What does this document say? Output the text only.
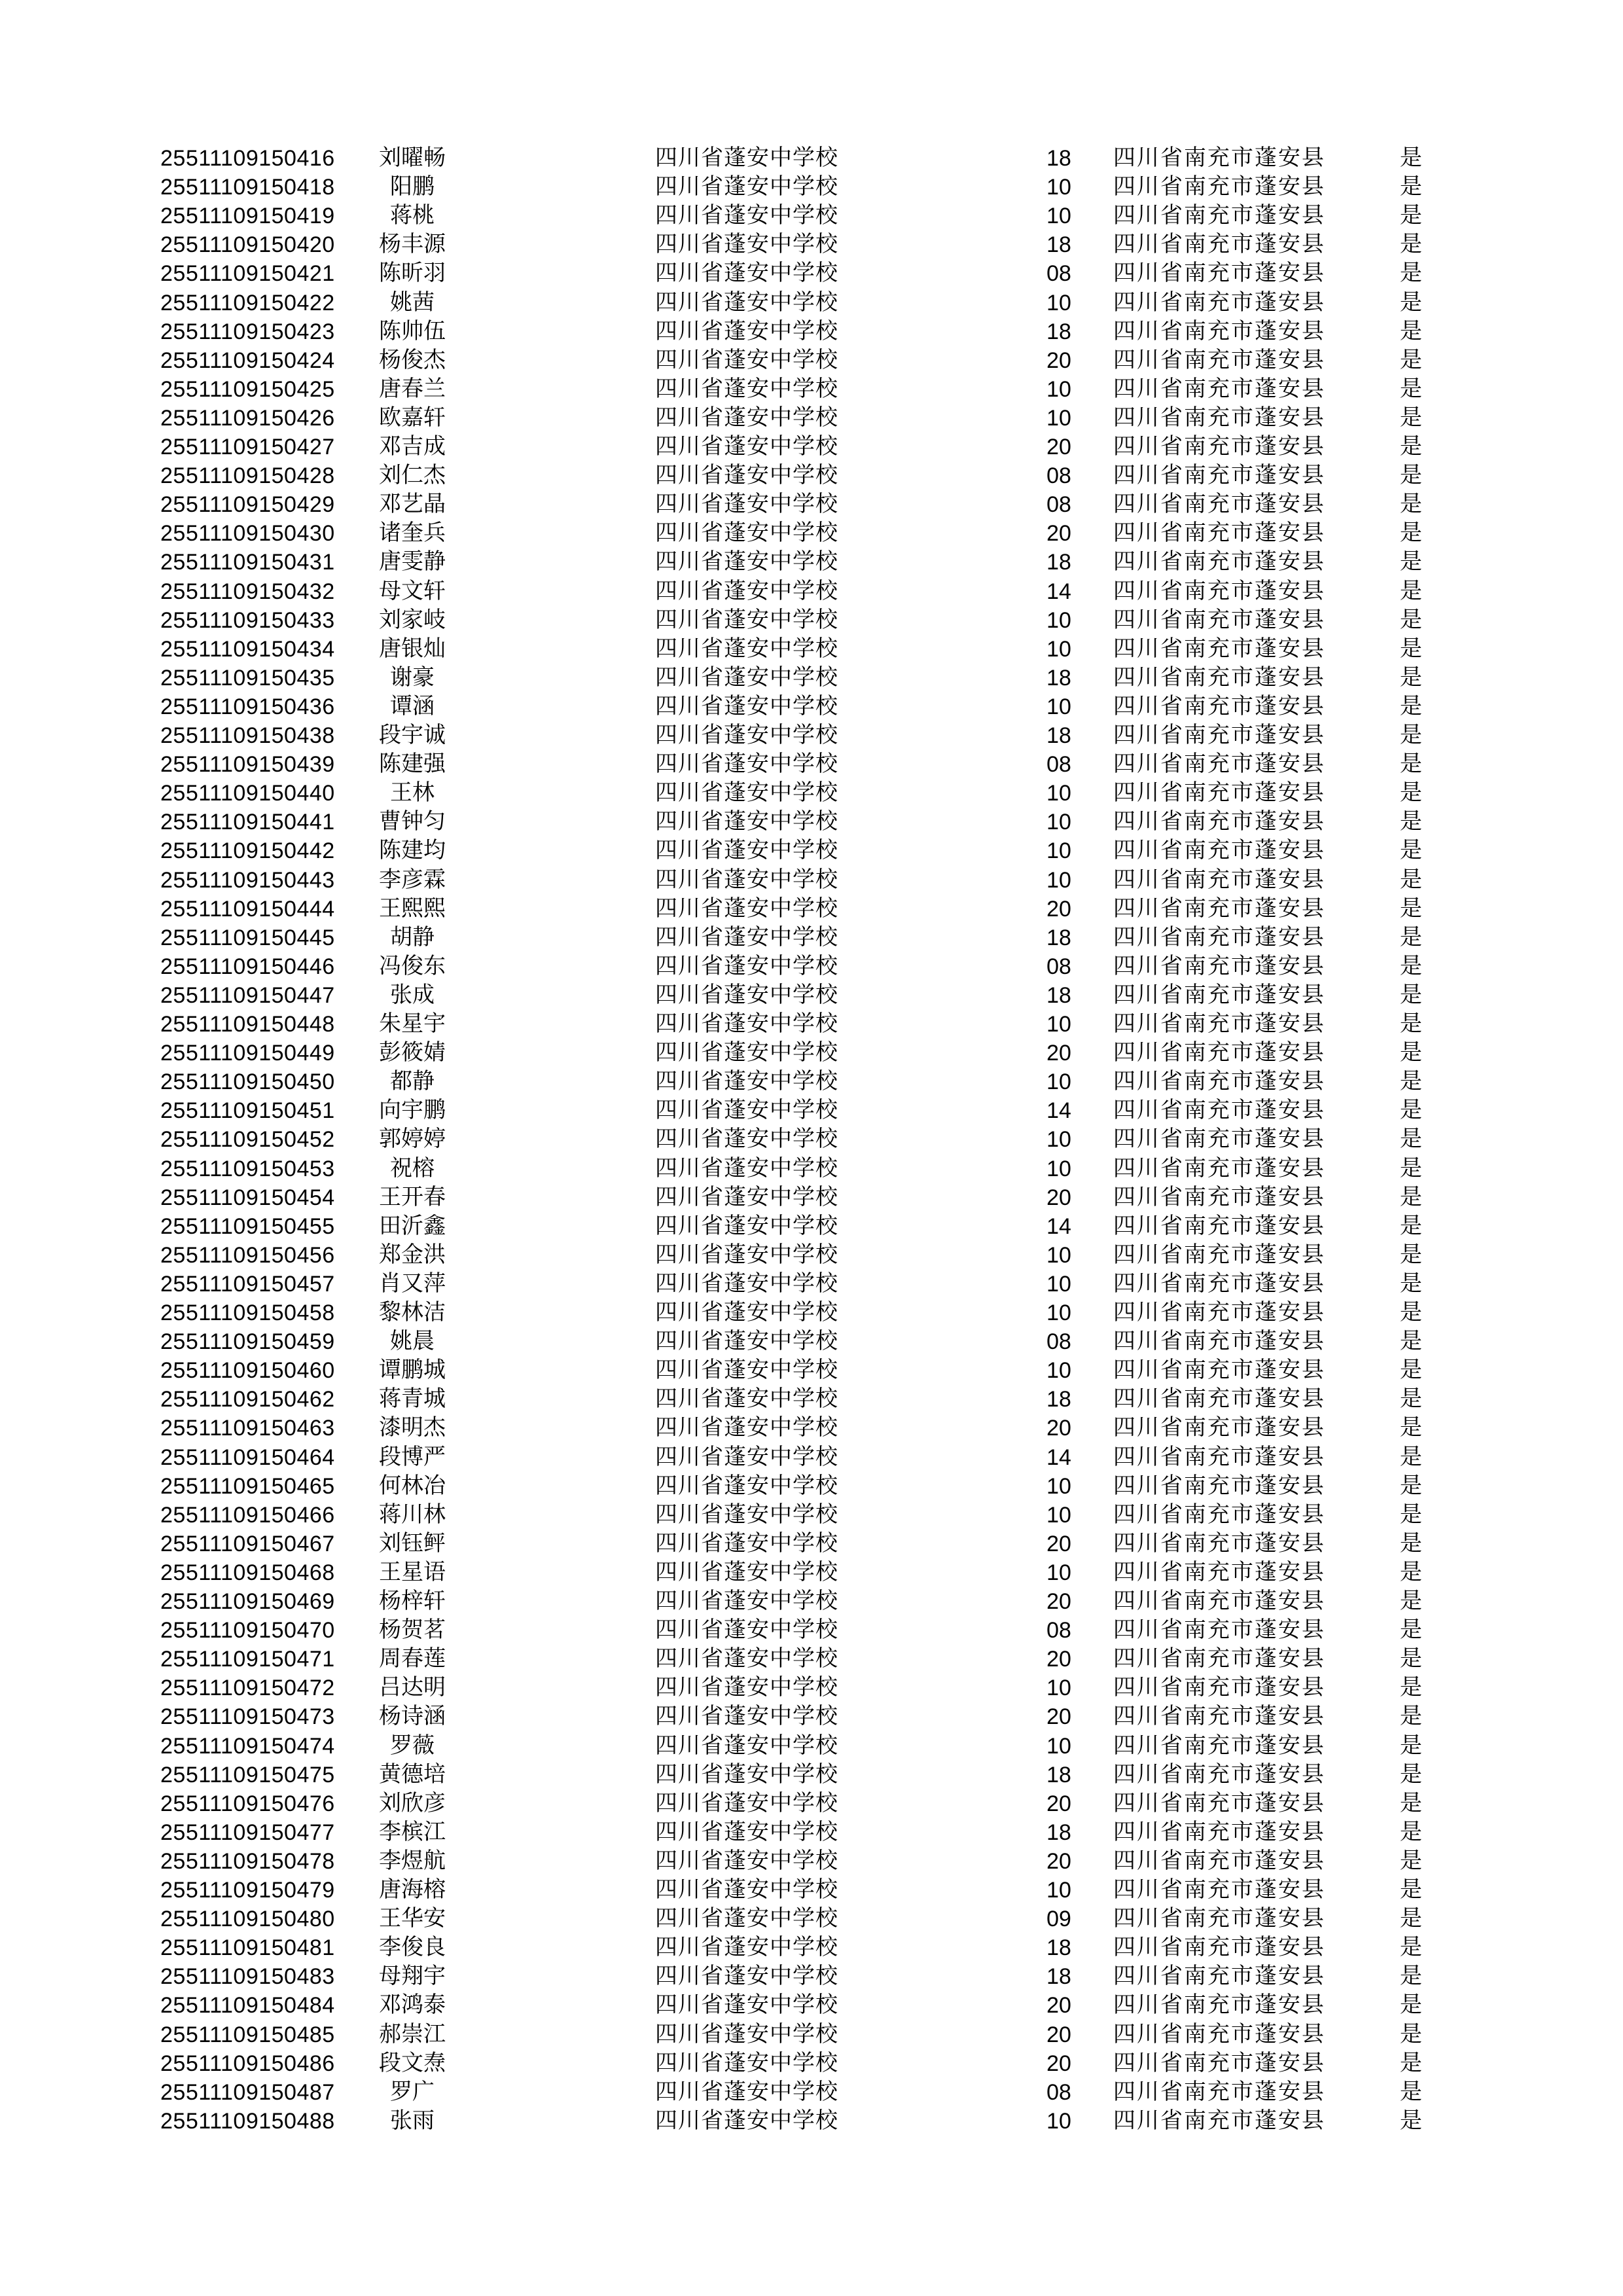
25511109150416	刘曜畅	四川省蓬安中学校	18	四川省南充市蓬安县	是
25511109150418	阳鹏	四川省蓬安中学校	10	四川省南充市蓬安县	是
25511109150419	蒋桃	四川省蓬安中学校	10	四川省南充市蓬安县	是
25511109150420	杨丰源	四川省蓬安中学校	18	四川省南充市蓬安县	是
25511109150421	陈昕羽	四川省蓬安中学校	08	四川省南充市蓬安县	是
25511109150422	姚茜	四川省蓬安中学校	10	四川省南充市蓬安县	是
25511109150423	陈帅伍	四川省蓬安中学校	18	四川省南充市蓬安县	是
25511109150424	杨俊杰	四川省蓬安中学校	20	四川省南充市蓬安县	是
25511109150425	唐春兰	四川省蓬安中学校	10	四川省南充市蓬安县	是
25511109150426	欧嘉轩	四川省蓬安中学校	10	四川省南充市蓬安县	是
25511109150427	邓吉成	四川省蓬安中学校	20	四川省南充市蓬安县	是
25511109150428	刘仁杰	四川省蓬安中学校	08	四川省南充市蓬安县	是
25511109150429	邓艺晶	四川省蓬安中学校	08	四川省南充市蓬安县	是
25511109150430	诸奎兵	四川省蓬安中学校	20	四川省南充市蓬安县	是
25511109150431	唐雯静	四川省蓬安中学校	18	四川省南充市蓬安县	是
25511109150432	母文轩	四川省蓬安中学校	14	四川省南充市蓬安县	是
25511109150433	刘家岐	四川省蓬安中学校	10	四川省南充市蓬安县	是
25511109150434	唐银灿	四川省蓬安中学校	10	四川省南充市蓬安县	是
25511109150435	谢豪	四川省蓬安中学校	18	四川省南充市蓬安县	是
25511109150436	谭涵	四川省蓬安中学校	10	四川省南充市蓬安县	是
25511109150438	段宇诚	四川省蓬安中学校	18	四川省南充市蓬安县	是
25511109150439	陈建强	四川省蓬安中学校	08	四川省南充市蓬安县	是
25511109150440	王林	四川省蓬安中学校	10	四川省南充市蓬安县	是
25511109150441	曹钟匀	四川省蓬安中学校	10	四川省南充市蓬安县	是
25511109150442	陈建均	四川省蓬安中学校	10	四川省南充市蓬安县	是
25511109150443	李彦霖	四川省蓬安中学校	10	四川省南充市蓬安县	是
25511109150444	王熙熙	四川省蓬安中学校	20	四川省南充市蓬安县	是
25511109150445	胡静	四川省蓬安中学校	18	四川省南充市蓬安县	是
25511109150446	冯俊东	四川省蓬安中学校	08	四川省南充市蓬安县	是
25511109150447	张成	四川省蓬安中学校	18	四川省南充市蓬安县	是
25511109150448	朱星宇	四川省蓬安中学校	10	四川省南充市蓬安县	是
25511109150449	彭筱婧	四川省蓬安中学校	20	四川省南充市蓬安县	是
25511109150450	都静	四川省蓬安中学校	10	四川省南充市蓬安县	是
25511109150451	向宇鹏	四川省蓬安中学校	14	四川省南充市蓬安县	是
25511109150452	郭婷婷	四川省蓬安中学校	10	四川省南充市蓬安县	是
25511109150453	祝榕	四川省蓬安中学校	10	四川省南充市蓬安县	是
25511109150454	王开春	四川省蓬安中学校	20	四川省南充市蓬安县	是
25511109150455	田沂鑫	四川省蓬安中学校	14	四川省南充市蓬安县	是
25511109150456	郑金洪	四川省蓬安中学校	10	四川省南充市蓬安县	是
25511109150457	肖又萍	四川省蓬安中学校	10	四川省南充市蓬安县	是
25511109150458	黎林洁	四川省蓬安中学校	10	四川省南充市蓬安县	是
25511109150459	姚晨	四川省蓬安中学校	08	四川省南充市蓬安县	是
25511109150460	谭鹏城	四川省蓬安中学校	10	四川省南充市蓬安县	是
25511109150462	蒋青城	四川省蓬安中学校	18	四川省南充市蓬安县	是
25511109150463	漆明杰	四川省蓬安中学校	20	四川省南充市蓬安县	是
25511109150464	段博严	四川省蓬安中学校	14	四川省南充市蓬安县	是
25511109150465	何林冶	四川省蓬安中学校	10	四川省南充市蓬安县	是
25511109150466	蒋川林	四川省蓬安中学校	10	四川省南充市蓬安县	是
25511109150467	刘钰鲆	四川省蓬安中学校	20	四川省南充市蓬安县	是
25511109150468	王星语	四川省蓬安中学校	10	四川省南充市蓬安县	是
25511109150469	杨梓轩	四川省蓬安中学校	20	四川省南充市蓬安县	是
25511109150470	杨贺茗	四川省蓬安中学校	08	四川省南充市蓬安县	是
25511109150471	周春莲	四川省蓬安中学校	20	四川省南充市蓬安县	是
25511109150472	吕达明	四川省蓬安中学校	10	四川省南充市蓬安县	是
25511109150473	杨诗涵	四川省蓬安中学校	20	四川省南充市蓬安县	是
25511109150474	罗薇	四川省蓬安中学校	10	四川省南充市蓬安县	是
25511109150475	黄德培	四川省蓬安中学校	18	四川省南充市蓬安县	是
25511109150476	刘欣彦	四川省蓬安中学校	20	四川省南充市蓬安县	是
25511109150477	李槟江	四川省蓬安中学校	18	四川省南充市蓬安县	是
25511109150478	李煜航	四川省蓬安中学校	20	四川省南充市蓬安县	是
25511109150479	唐海榕	四川省蓬安中学校	10	四川省南充市蓬安县	是
25511109150480	王华安	四川省蓬安中学校	09	四川省南充市蓬安县	是
25511109150481	李俊良	四川省蓬安中学校	18	四川省南充市蓬安县	是
25511109150483	母翔宇	四川省蓬安中学校	18	四川省南充市蓬安县	是
25511109150484	邓鸿泰	四川省蓬安中学校	20	四川省南充市蓬安县	是
25511109150485	郝崇江	四川省蓬安中学校	20	四川省南充市蓬安县	是
25511109150486	段文焘	四川省蓬安中学校	20	四川省南充市蓬安县	是
25511109150487	罗广	四川省蓬安中学校	08	四川省南充市蓬安县	是
25511109150488	张雨	四川省蓬安中学校	10	四川省南充市蓬安县	是
